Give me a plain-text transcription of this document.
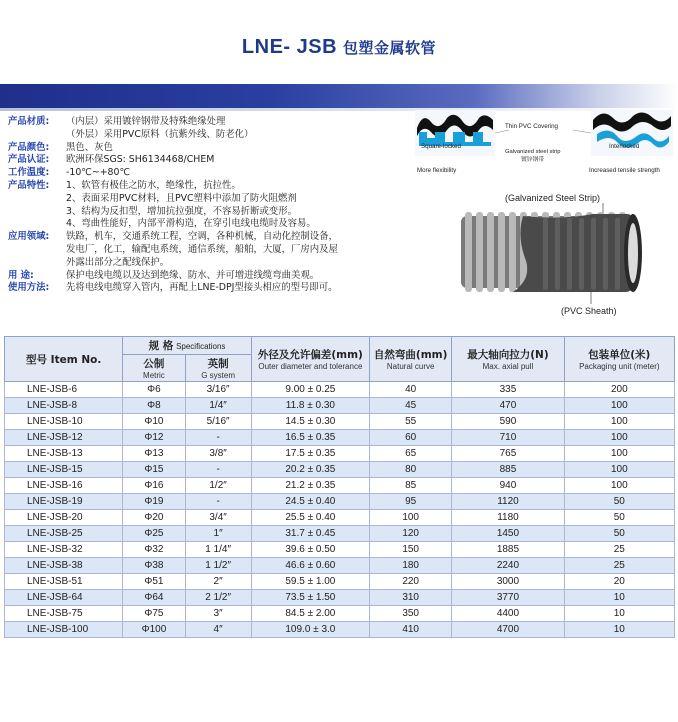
LNE- JSB 包塑金属软管
产品材质:	（内层）采用镀锌钢带及特殊绝缘处理
（外层）采用PVC原料（抗紫外线、防老化）
产品颜色:	黑色、灰色
产品认证:	欧洲环保SGS: SH6134468/CHEM
工作温度:	-10℃~+80℃
产品特性:	1、软管有极佳之防水，绝缘性，抗拉性。
2、表面采用PVC材料，且PVC塑料中添加了防火阻燃剂
3、结构为反扣型，增加抗拉强度，不容易折断或变形。
4、弯曲性能好，内部平滑构造，在穿引电线电缆时及容易。
应用领域:	铁路，机车，交通系统工程，空调，各种机械，自动化控制设备，
发电厂，化工，输配电系统，通信系统，船舶，大厦，厂房内及屋
外露出部分之配线保护。
用 途:	保护电线电缆以及达到绝缘、防水、并可增进线缆弯曲美观。
使用方法:	先将电线电缆穿入管内，再配上LNE-DPJ型接头相应的型号即可。
Square-locked
Thin PVC Covering
Galvanized steel strip
镀锌钢带
Interlocked
More flexibility	Increased tensile strength
(Galvanized Steel Strip)
(PVC Sheath)
型号 Item No.	规 格 Specifications		外径及允许偏差(mm)
Outer diameter and tolerance	自然弯曲(mm)
Natural curve	最大轴向拉力(N)
Max. axial pull	包装单位(米)
Packaging unit (meter)

	公制
Metric	英制
G system				

LNE-JSB-6	Φ6	3/16″	9.00 ± 0.25	40	335	200
LNE-JSB-8	Φ8	1/4″	11.8 ± 0.30	45	470	100
LNE-JSB-10	Φ10	5/16″	14.5 ± 0.30	55	590	100
LNE-JSB-12	Φ12	-	16.5 ± 0.35	60	710	100
LNE-JSB-13	Φ13	3/8″	17.5 ± 0.35	65	765	100
LNE-JSB-15	Φ15	-	20.2 ± 0.35	80	885	100
LNE-JSB-16	Φ16	1/2″	21.2 ± 0.35	85	940	100
LNE-JSB-19	Φ19	-	24.5 ± 0.40	95	1120	50
LNE-JSB-20	Φ20	3/4″	25.5 ± 0.40	100	1180	50
LNE-JSB-25	Φ25	1″	31.7 ± 0.45	120	1450	50
LNE-JSB-32	Φ32	1 1/4″	39.6 ± 0.50	150	1885	25
LNE-JSB-38	Φ38	1 1/2″	46.6 ± 0.60	180	2240	25
LNE-JSB-51	Φ51	2″	59.5 ± 1.00	220	3000	20
LNE-JSB-64	Φ64	2 1/2″	73.5 ± 1.50	310	3770	10
LNE-JSB-75	Φ75	3″	84.5 ± 2.00	350	4400	10
LNE-JSB-100	Φ100	4″	109.0 ± 3.0	410	4700	10
